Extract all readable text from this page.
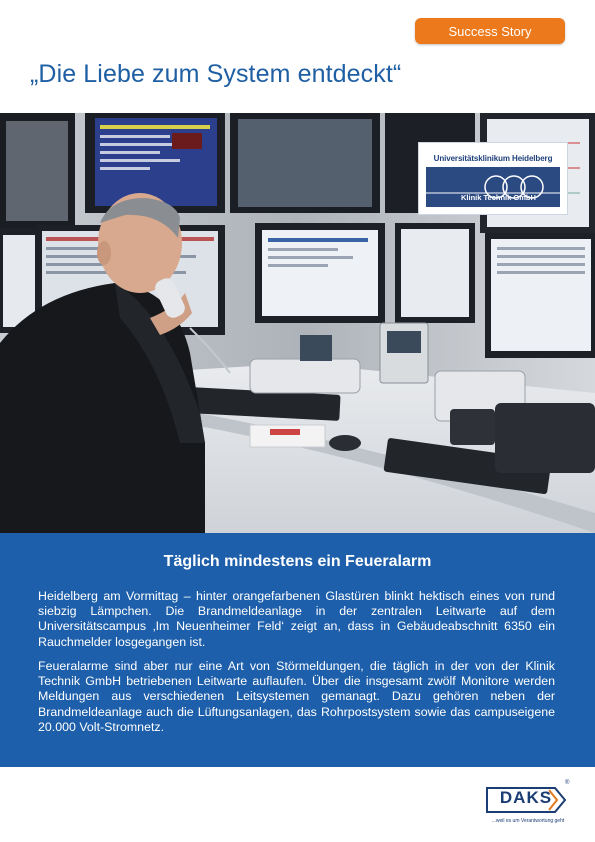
Success Story
„Die Liebe zum System entdeckt“
Universitätsklinikum Heidelberg
Klinik Technik GmbH
Täglich mindestens ein Feueralarm

Heidelberg am Vormittag – hinter orangefarbenen Glastüren blinkt hektisch eines von rund siebzig Lämpchen. Die Brandmeldeanlage in der zentralen Leitwarte auf dem Universitätscampus ‚Im Neuenheimer Feld‘ zeigt an, dass in Gebäudeabschnitt 6350 ein Rauchmelder losgegangen ist.

Feueralarme sind aber nur eine Art von Störmeldungen, die täglich in der von der Klinik Technik GmbH betriebenen Leitwarte auflaufen. Über die insgesamt zwölf Monitore werden Meldungen aus verschiedenen Leitsystemen gemanagt. Dazu gehören neben der Brandmeldeanlage auch die Lüftungsanlagen, das Rohrpostsystem sowie das campuseigene 20.000 Volt-Stromnetz.

DAKS
®
...weil es um Verantwortung geht
